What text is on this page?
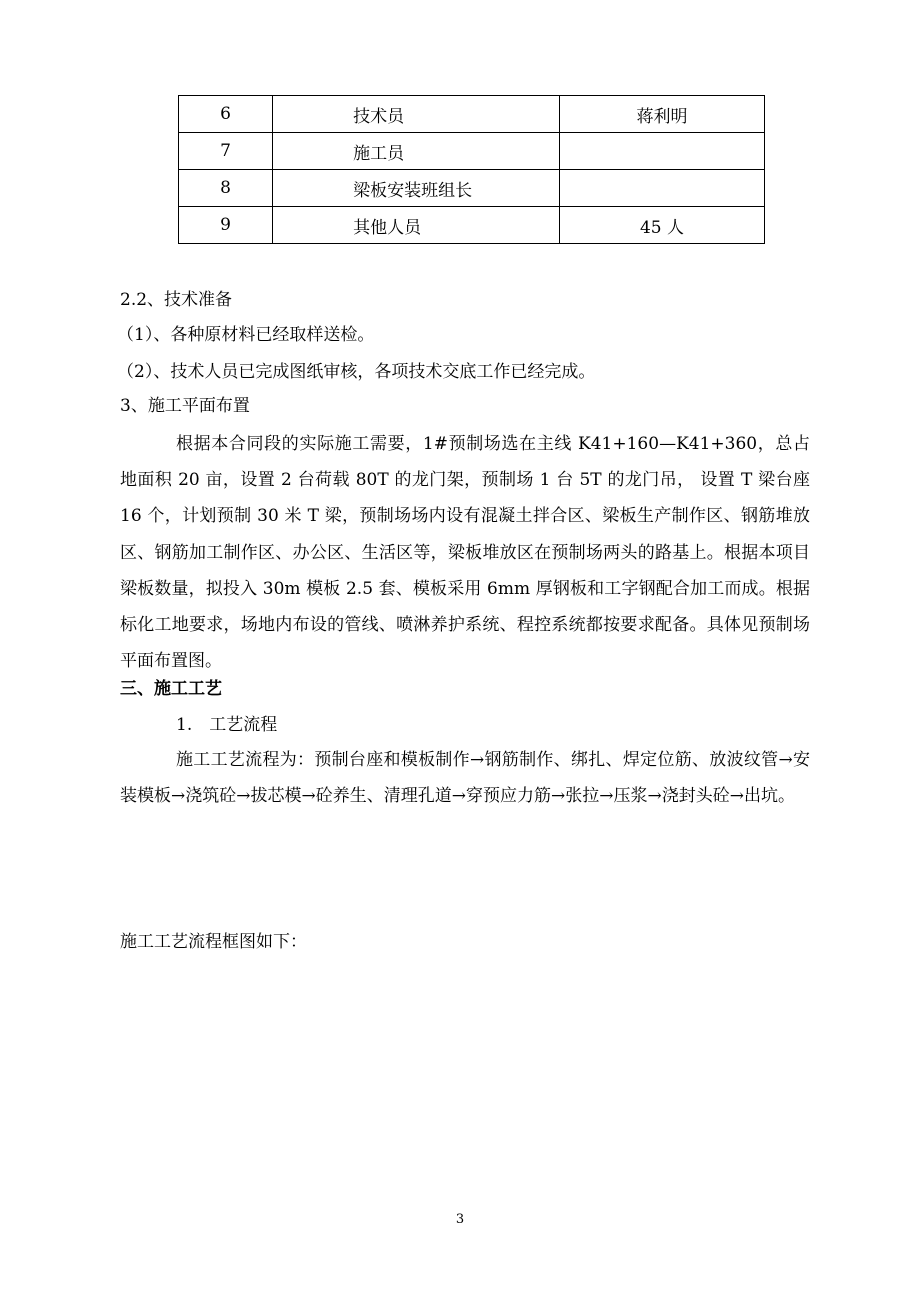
6	技术员	蒋利明
7	施工员	
8	梁板安装班组长	
9	其他人员	45 人
2.2、技术准备
（1）、各种原材料已经取样送检。
（2）、技术人员已完成图纸审核，各项技术交底工作已经完成。
3、施工平面布置

根据本合同段的实际施工需要，1#预制场选在主线 K41+160—K41+360，总占地面积 20 亩，设置 2 台荷载 80T 的龙门架，预制场 1 台 5T 的龙门吊， 设置 T 梁台座 16 个，计划预制 30 米 T 梁，预制场场内设有混凝土拌合区、梁板生产制作区、钢筋堆放区、钢筋加工制作区、办公区、生活区等，梁板堆放区在预制场两头的路基上。根据本项目梁板数量，拟投入 30m 模板 2.5 套、模板采用 6mm 厚钢板和工字钢配合加工而成。根据标化工地要求，场地内布设的管线、喷淋养护系统、程控系统都按要求配备。具体见预制场平面布置图。

三、施工工艺
1.　工艺流程

施工工艺流程为：预制台座和模板制作→钢筋制作、绑扎、焊定位筋、放波纹管→安装模板→浇筑砼→拔芯模→砼养生、清理孔道→穿预应力筋→张拉→压浆→浇封头砼→出坑。

施工工艺流程框图如下：
3
